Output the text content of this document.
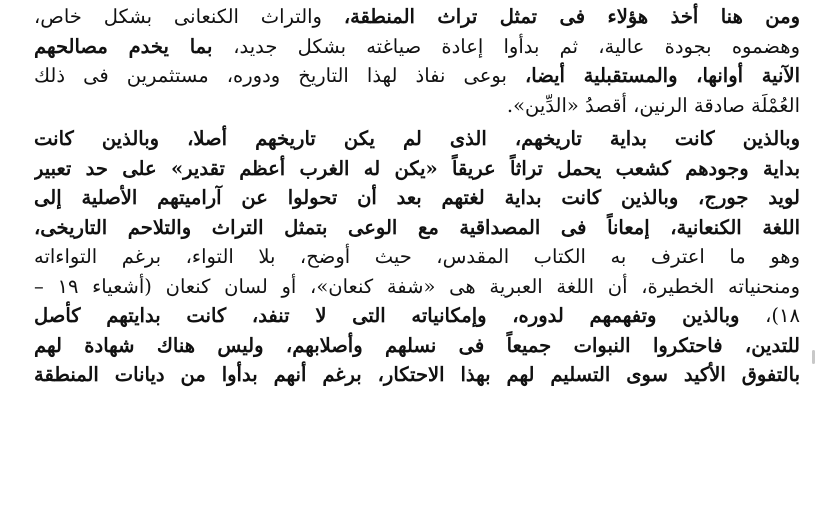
ومن هنا أخذ هؤلاء فى تمثل تراث المنطقة، والتراث الكنعانى بشكل خاص،
وهضموه بجودة عالية، ثم بدأوا إعادة صياغته بشكل جديد، بما يخدم مصالحهم
الآنية أوانها، والمستقبلية أيضا، بوعى نفاذ لهذا التاريخ ودوره، مستثمرين فى ذلك
العُمْلَة صادقة الرنين، أقصدُ «الدِّين».
وبالذين كانت بداية تاريخهم، الذى لم يكن تاريخهم أصلا، وبالذين كانت
بداية وجودهم كشعب يحمل تراثاً عريقاً «يكن له الغرب أعظم تقدير» على حد تعبير
لويد جورج، وبالذين كانت بداية لغتهم بعد أن تحولوا عن آراميتهم الأصلية إلى
اللغة الكنعانية، إمعاناً فى المصداقية مع الوعى بتمثل التراث والتلاحم التاريخى،
وهو ما اعترف به الكتاب المقدس، حيث أوضح، بلا التواء، برغم التواءاته
ومنحنياته الخطيرة، أن اللغة العبرية هى «شفة كنعان»، أو لسان كنعان (أشعياء ١٩ –
١٨)، وبالذين وتفهمهم لدوره، وإمكانياته التى لا تنفد، كانت بدايتهم كأصل
للتدين، فاحتكروا النبوات جميعاً فى نسلهم وأصلابهم، وليس هناك شهادة لهم
بالتفوق الأكيد سوى التسليم لهم بهذا الاحتكار، برغم أنهم بدأوا من ديانات المنطقة
